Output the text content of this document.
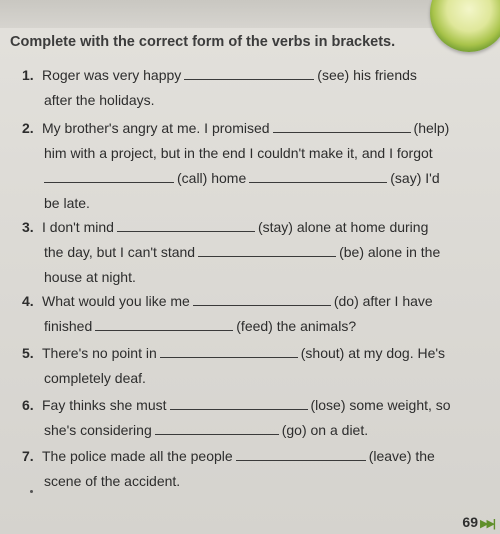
Complete with the correct form of the verbs in brackets.
1. Roger was very happy	(see) his friends
after the holidays.
2. My brother's angry at me. I promised	(help)
him with a project, but in the end I couldn't make it, and I forgot
(call) home	(say) I'd
be late.
3. I don't mind	(stay) alone at home during
the day, but I can't stand	(be) alone in the
house at night.
4. What would you like me	(do) after I have
finished	(feed) the animals?
5. There's no point in	(shout) at my dog. He's
completely deaf.
6. Fay thinks she must	(lose) some weight, so
she's considering	(go) on a diet.
7. The police made all the people	(leave) the
scene of the accident.
69 ▶▶|
